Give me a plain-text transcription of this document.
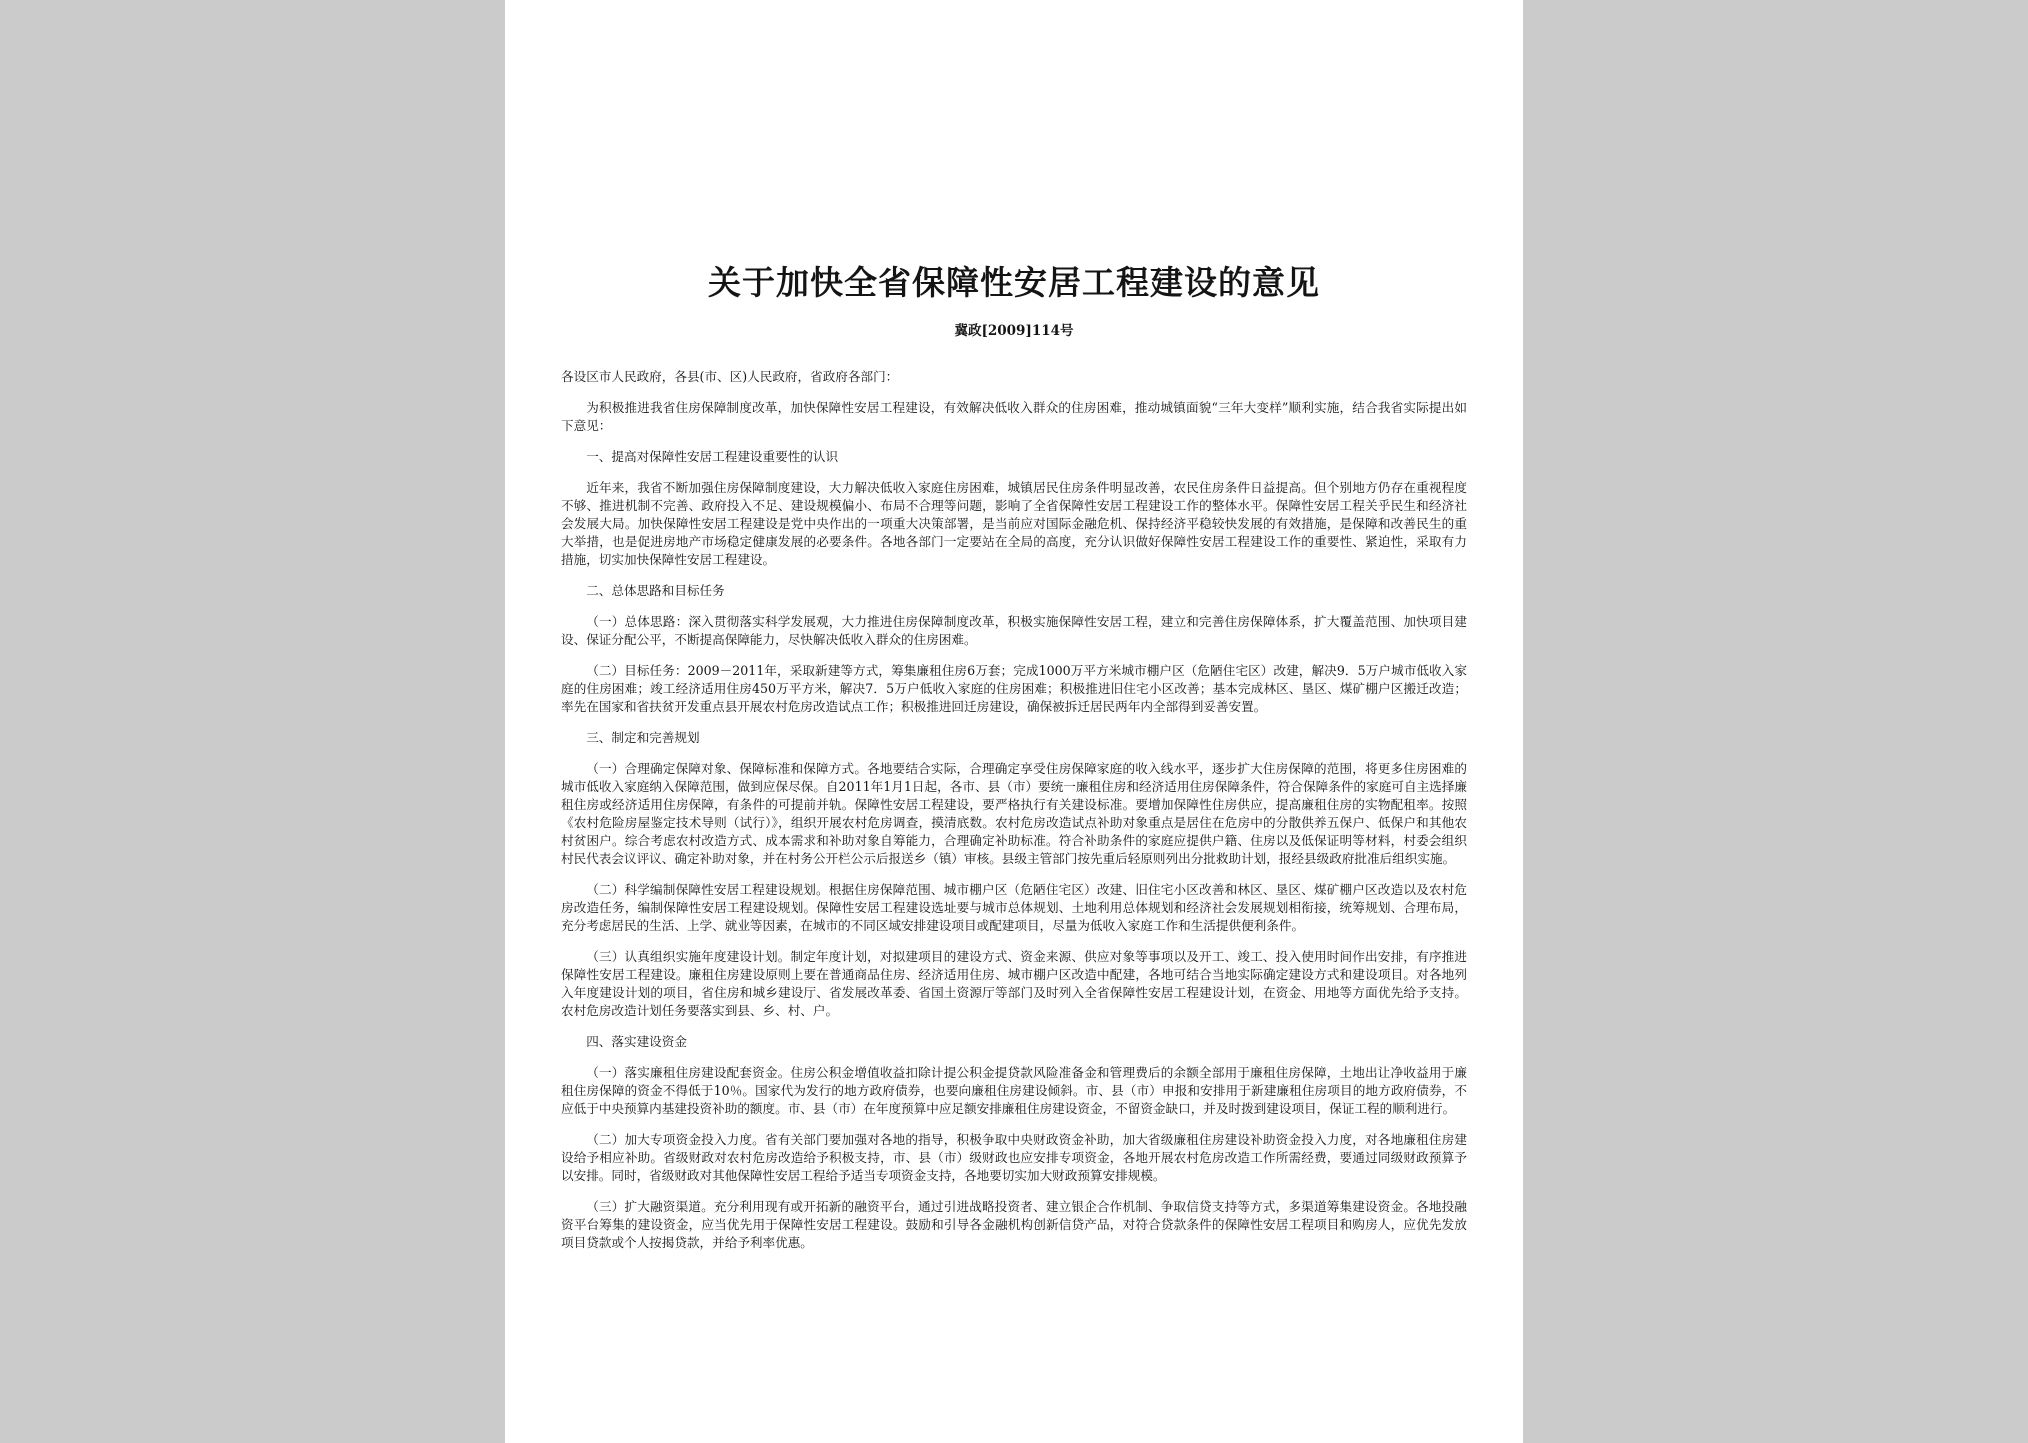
关于加快全省保障性安居工程建设的意见
冀政[2009]114号

各设区市人民政府，各县(市、区)人民政府，省政府各部门：

为积极推进我省住房保障制度改革，加快保障性安居工程建设，有效解决低收入群众的住房困难，推动城镇面貌“三年大变样”顺利实施，结合我省实际提出如下意见：

一、提高对保障性安居工程建设重要性的认识

近年来，我省不断加强住房保障制度建设，大力解决低收入家庭住房困难，城镇居民住房条件明显改善，农民住房条件日益提高。但个别地方仍存在重视程度不够、推进机制不完善、政府投入不足、建设规模偏小、布局不合理等问题，影响了全省保障性安居工程建设工作的整体水平。保障性安居工程关乎民生和经济社会发展大局。加快保障性安居工程建设是党中央作出的一项重大决策部署，是当前应对国际金融危机、保持经济平稳较快发展的有效措施，是保障和改善民生的重大举措，也是促进房地产市场稳定健康发展的必要条件。各地各部门一定要站在全局的高度，充分认识做好保障性安居工程建设工作的重要性、紧迫性，采取有力措施，切实加快保障性安居工程建设。

二、总体思路和目标任务

（一）总体思路：深入贯彻落实科学发展观，大力推进住房保障制度改革，积极实施保障性安居工程，建立和完善住房保障体系，扩大覆盖范围、加快项目建设、保证分配公平，不断提高保障能力，尽快解决低收入群众的住房困难。

（二）目标任务：2009－2011年，采取新建等方式，筹集廉租住房6万套；完成1000万平方米城市棚户区（危陋住宅区）改建，解决9．5万户城市低收入家庭的住房困难；竣工经济适用住房450万平方米，解决7．5万户低收入家庭的住房困难；积极推进旧住宅小区改善；基本完成林区、垦区、煤矿棚户区搬迁改造；率先在国家和省扶贫开发重点县开展农村危房改造试点工作；积极推进回迁房建设，确保被拆迁居民两年内全部得到妥善安置。

三、制定和完善规划

（一）合理确定保障对象、保障标准和保障方式。各地要结合实际，合理确定享受住房保障家庭的收入线水平，逐步扩大住房保障的范围，将更多住房困难的城市低收入家庭纳入保障范围，做到应保尽保。自2011年1月1日起，各市、县（市）要统一廉租住房和经济适用住房保障条件，符合保障条件的家庭可自主选择廉租住房或经济适用住房保障，有条件的可提前并轨。保障性安居工程建设，要严格执行有关建设标准。要增加保障性住房供应，提高廉租住房的实物配租率。按照《农村危险房屋鉴定技术导则（试行）》，组织开展农村危房调查，摸清底数。农村危房改造试点补助对象重点是居住在危房中的分散供养五保户、低保户和其他农村贫困户。综合考虑农村改造方式、成本需求和补助对象自筹能力，合理确定补助标准。符合补助条件的家庭应提供户籍、住房以及低保证明等材料，村委会组织村民代表会议评议、确定补助对象，并在村务公开栏公示后报送乡（镇）审核。县级主管部门按先重后轻原则列出分批救助计划，报经县级政府批准后组织实施。

（二）科学编制保障性安居工程建设规划。根据住房保障范围、城市棚户区（危陋住宅区）改建、旧住宅小区改善和林区、垦区、煤矿棚户区改造以及农村危房改造任务，编制保障性安居工程建设规划。保障性安居工程建设选址要与城市总体规划、土地利用总体规划和经济社会发展规划相衔接，统筹规划、合理布局，充分考虑居民的生活、上学、就业等因素，在城市的不同区域安排建设项目或配建项目，尽量为低收入家庭工作和生活提供便利条件。

（三）认真组织实施年度建设计划。制定年度计划，对拟建项目的建设方式、资金来源、供应对象等事项以及开工、竣工、投入使用时间作出安排，有序推进保障性安居工程建设。廉租住房建设原则上要在普通商品住房、经济适用住房、城市棚户区改造中配建，各地可结合当地实际确定建设方式和建设项目。对各地列入年度建设计划的项目，省住房和城乡建设厅、省发展改革委、省国土资源厅等部门及时列入全省保障性安居工程建设计划，在资金、用地等方面优先给予支持。农村危房改造计划任务要落实到县、乡、村、户。

四、落实建设资金

（一）落实廉租住房建设配套资金。住房公积金增值收益扣除计提公积金提贷款风险准备金和管理费后的余额全部用于廉租住房保障，土地出让净收益用于廉租住房保障的资金不得低于10％。国家代为发行的地方政府债券，也要向廉租住房建设倾斜。市、县（市）申报和安排用于新建廉租住房项目的地方政府债券，不应低于中央预算内基建投资补助的额度。市、县（市）在年度预算中应足额安排廉租住房建设资金，不留资金缺口，并及时拨到建设项目，保证工程的顺利进行。

（二）加大专项资金投入力度。省有关部门要加强对各地的指导，积极争取中央财政资金补助，加大省级廉租住房建设补助资金投入力度，对各地廉租住房建设给予相应补助。省级财政对农村危房改造给予积极支持，市、县（市）级财政也应安排专项资金，各地开展农村危房改造工作所需经费，要通过同级财政预算予以安排。同时，省级财政对其他保障性安居工程给予适当专项资金支持，各地要切实加大财政预算安排规模。

（三）扩大融资渠道。充分利用现有或开拓新的融资平台，通过引进战略投资者、建立银企合作机制、争取信贷支持等方式，多渠道筹集建设资金。各地投融资平台筹集的建设资金，应当优先用于保障性安居工程建设。鼓励和引导各金融机构创新信贷产品，对符合贷款条件的保障性安居工程项目和购房人，应优先发放项目贷款或个人按揭贷款，并给予利率优惠。
